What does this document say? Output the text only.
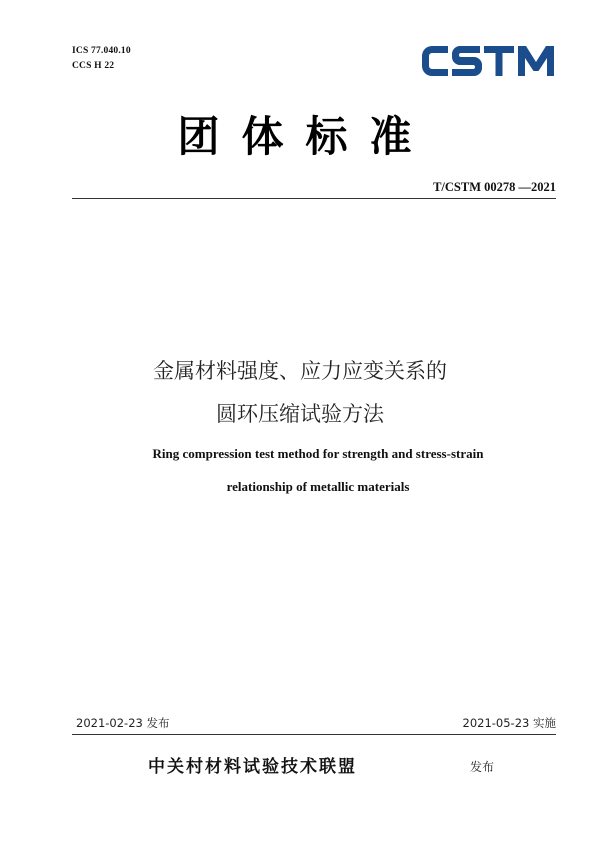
ICS 77.040.10
CCS H 22
团体标准
T/CSTM 00278 —2021
金属材料强度、应力应变关系的
圆环压缩试验方法
Ring compression test method for strength and stress-strain
relationship of metallic materials
2021-02-23 发布	2021-05-23 实施
中关村材料试验技术联盟	发布
